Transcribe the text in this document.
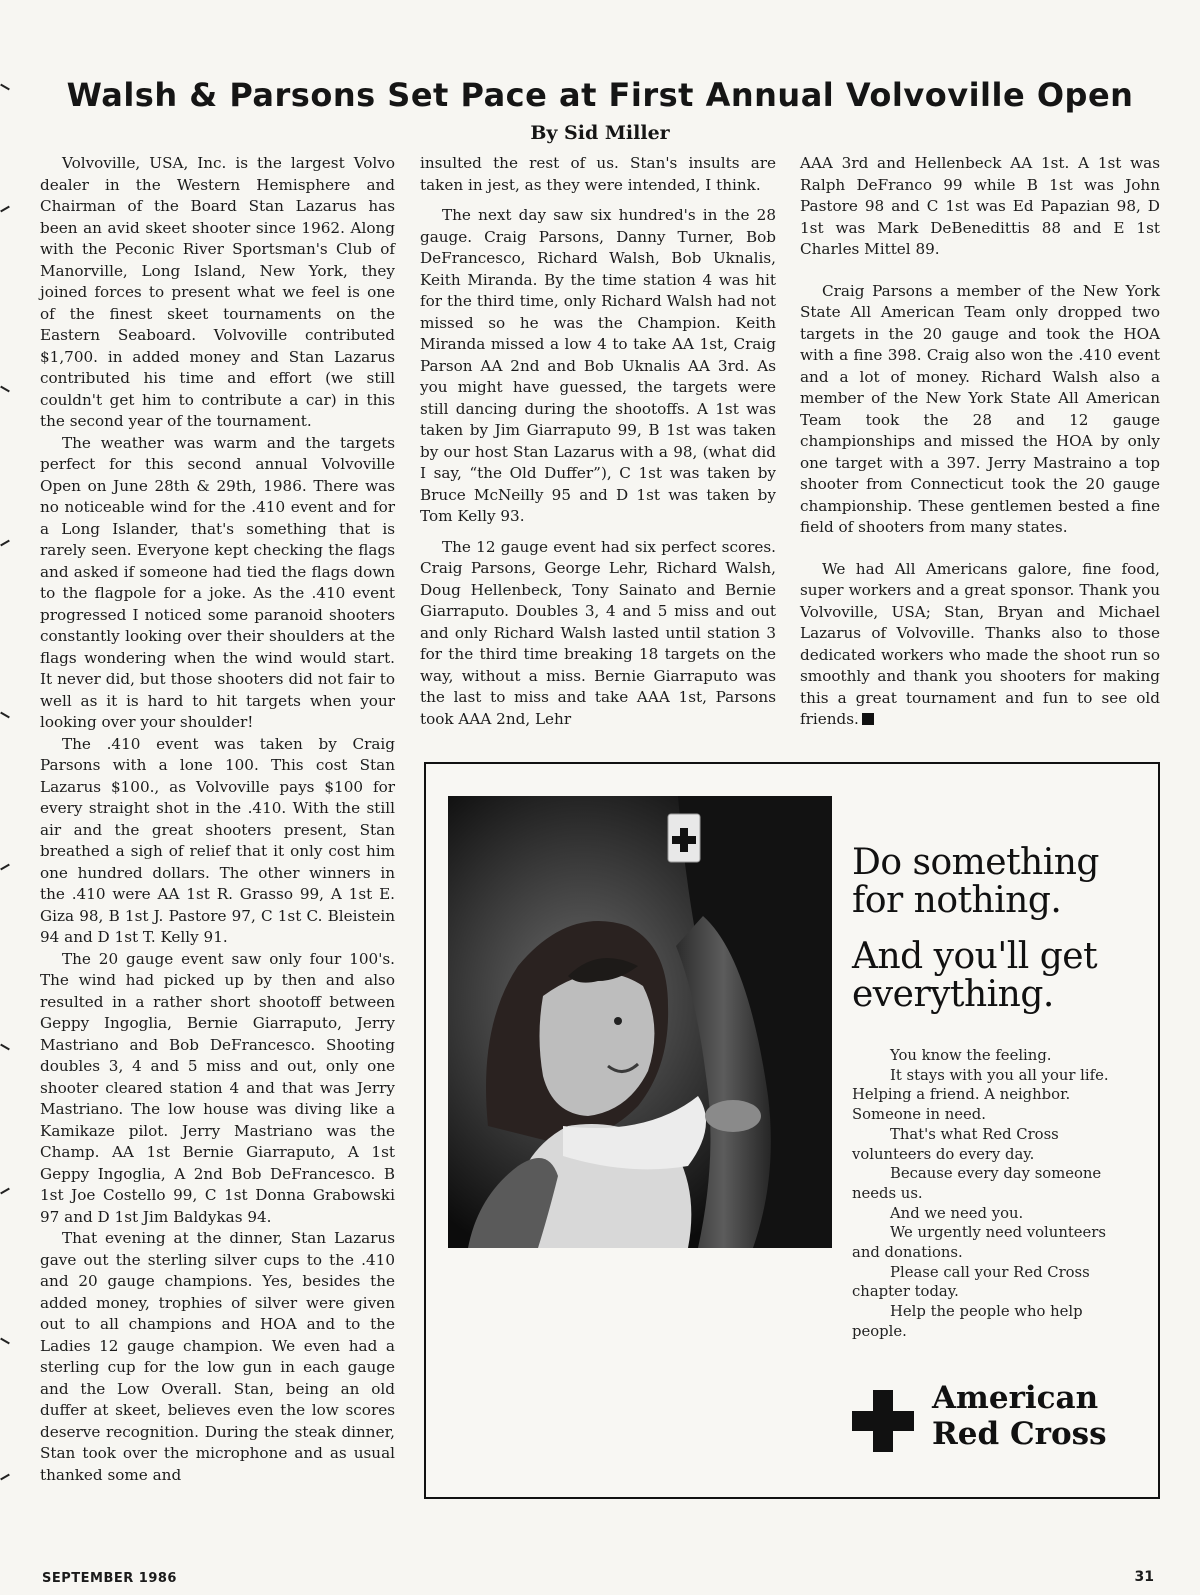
Walsh & Parsons Set Pace at First Annual Volvoville Open
By Sid Miller

Volvoville, USA, Inc. is the largest Volvo dealer in the Western Hemisphere and Chairman of the Board Stan Lazarus has been an avid skeet shooter since 1962. Along with the Peconic River Sportsman's Club of Manorville, Long Island, New York, they joined forces to present what we feel is one of the finest skeet tournaments on the Eastern Seaboard. Volvoville contributed $1,700. in added money and Stan Lazarus contributed his time and effort (we still couldn't get him to contribute a car) in this the second year of the tournament.

The weather was warm and the targets perfect for this second annual Volvoville Open on June 28th & 29th, 1986. There was no noticeable wind for the .410 event and for a Long Islander, that's something that is rarely seen. Everyone kept checking the flags and asked if someone had tied the flags down to the flagpole for a joke. As the .410 event progressed I noticed some paranoid shooters constantly looking over their shoulders at the flags wondering when the wind would start. It never did, but those shooters did not fair to well as it is hard to hit targets when your looking over your shoulder!

The .410 event was taken by Craig Parsons with a lone 100. This cost Stan Lazarus $100., as Volvoville pays $100 for every straight shot in the .410. With the still air and the great shooters present, Stan breathed a sigh of relief that it only cost him one hundred dollars. The other winners in the .410 were AA 1st R. Grasso 99, A 1st E. Giza 98, B 1st J. Pastore 97, C 1st C. Bleistein 94 and D 1st T. Kelly 91.

The 20 gauge event saw only four 100's. The wind had picked up by then and also resulted in a rather short shootoff between Geppy Ingoglia, Bernie Giarraputo, Jerry Mastriano and Bob DeFrancesco. Shooting doubles 3, 4 and 5 miss and out, only one shooter cleared station 4 and that was Jerry Mastriano. The low house was diving like a Kamikaze pilot. Jerry Mastriano was the Champ. AA 1st Bernie Giarraputo, A 1st Geppy Ingoglia, A 2nd Bob DeFrancesco. B 1st Joe Costello 99, C 1st Donna Grabowski 97 and D 1st Jim Baldykas 94.

That evening at the dinner, Stan Lazarus gave out the sterling silver cups to the .410 and 20 gauge champions. Yes, besides the added money, trophies of silver were given out to all champions and HOA and to the Ladies 12 gauge champion. We even had a sterling cup for the low gun in each gauge and the Low Overall. Stan, being an old duffer at skeet, believes even the low scores deserve recognition. During the steak dinner, Stan took over the microphone and as usual thanked some and

insulted the rest of us. Stan's insults are taken in jest, as they were intended, I think.

The next day saw six hundred's in the 28 gauge. Craig Parsons, Danny Turner, Bob DeFrancesco, Richard Walsh, Bob Uknalis, Keith Miranda. By the time station 4 was hit for the third time, only Richard Walsh had not missed so he was the Champion. Keith Miranda missed a low 4 to take AA 1st, Craig Parson AA 2nd and Bob Uknalis AA 3rd. As you might have guessed, the targets were still dancing during the shootoffs. A 1st was taken by Jim Giarraputo 99, B 1st was taken by our host Stan Lazarus with a 98, (what did I say, “the Old Duffer”), C 1st was taken by Bruce McNeilly 95 and D 1st was taken by Tom Kelly 93.

The 12 gauge event had six perfect scores. Craig Parsons, George Lehr, Richard Walsh, Doug Hellenbeck, Tony Sainato and Bernie Giarraputo. Doubles 3, 4 and 5 miss and out and only Richard Walsh lasted until station 3 for the third time breaking 18 targets on the way, without a miss. Bernie Giarraputo was the last to miss and take AAA 1st, Parsons took AAA 2nd, Lehr

AAA 3rd and Hellenbeck AA 1st. A 1st was Ralph DeFranco 99 while B 1st was John Pastore 98 and C 1st was Ed Papazian 98, D 1st was Mark DeBenedittis 88 and E 1st Charles Mittel 89.

Craig Parsons a member of the New York State All American Team only dropped two targets in the 20 gauge and took the HOA with a fine 398. Craig also won the .410 event and a lot of money. Richard Walsh also a member of the New York State All American Team took the 28 and 12 gauge championships and missed the HOA by only one target with a 397. Jerry Mastraino a top shooter from Connecticut took the 20 gauge championship. These gentlemen bested a fine field of shooters from many states.

We had All Americans galore, fine food, super workers and a great sponsor. Thank you Volvoville, USA; Stan, Bryan and Michael Lazarus of Volvoville. Thanks also to those dedicated workers who made the shoot run so smoothly and thank you shooters for making this a great tournament and fun to see old friends.

Do something for nothing.
And you'll get everything.

You know the feeling.

It stays with you all your life. Helping a friend. A neighbor. Someone in need.

That's what Red Cross volunteers do every day.

Because every day someone needs us.

And we need you.

We urgently need volunteers and donations.

Please call your Red Cross chapter today.

Help the people who help people.

American
Red Cross

SEPTEMBER 1986	31
